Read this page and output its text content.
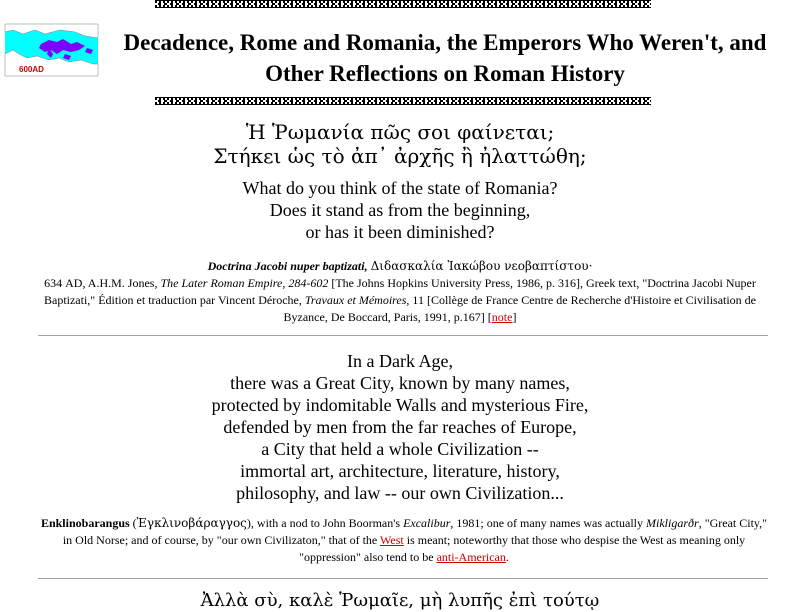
600AD
Decadence, Rome and Romania, the Emperors Who Weren't, and
Other Reflections on Roman History
Ἡ Ῥωμανία πῶς σοι φαίνεται;
Στήκει ὡς τὸ ἀπ᾽ ἀρχῆς ἢ ἠλαττώθη;
What do you think of the state of Romania?
Does it stand as from the beginning,
or has it been diminished?
Doctrina Jacobi nuper baptizati, Διδασκαλία Ἰακώβου νεοβαπτίστου·
634 AD, A.H.M. Jones, The Later Roman Empire, 284-602 [The Johns Hopkins University Press, 1986, p. 316], Greek text, "Doctrina Jacobi Nuper Baptizati," Édition et traduction par Vincent Déroche, Travaux et Mémoires, 11 [Collège de France Centre de Recherche d'Histoire et Civilisation de Byzance, De Boccard, Paris, 1991, p.167] [note]
In a Dark Age,
there was a Great City, known by many names,
protected by indomitable Walls and mysterious Fire,
defended by men from the far reaches of Europe,
a City that held a whole Civilization --
immortal art, architecture, literature, history,
philosophy, and law -- our own Civilization...
Enklinobarangus (Ἐγκλινοβάραγγος), with a nod to John Boorman's Excalibur, 1981; one of many names was actually Mikligarðr, "Great City," in Old Norse; and of course, by "our own Civilizaton," that of the West is meant; noteworthy that those who despise the West as meaning only "oppression" also tend to be anti-American.
Ἀλλὰ σὺ, καλὲ Ῥωμαῖε, μὴ λυπῆς ἐπὶ τούτῳ
